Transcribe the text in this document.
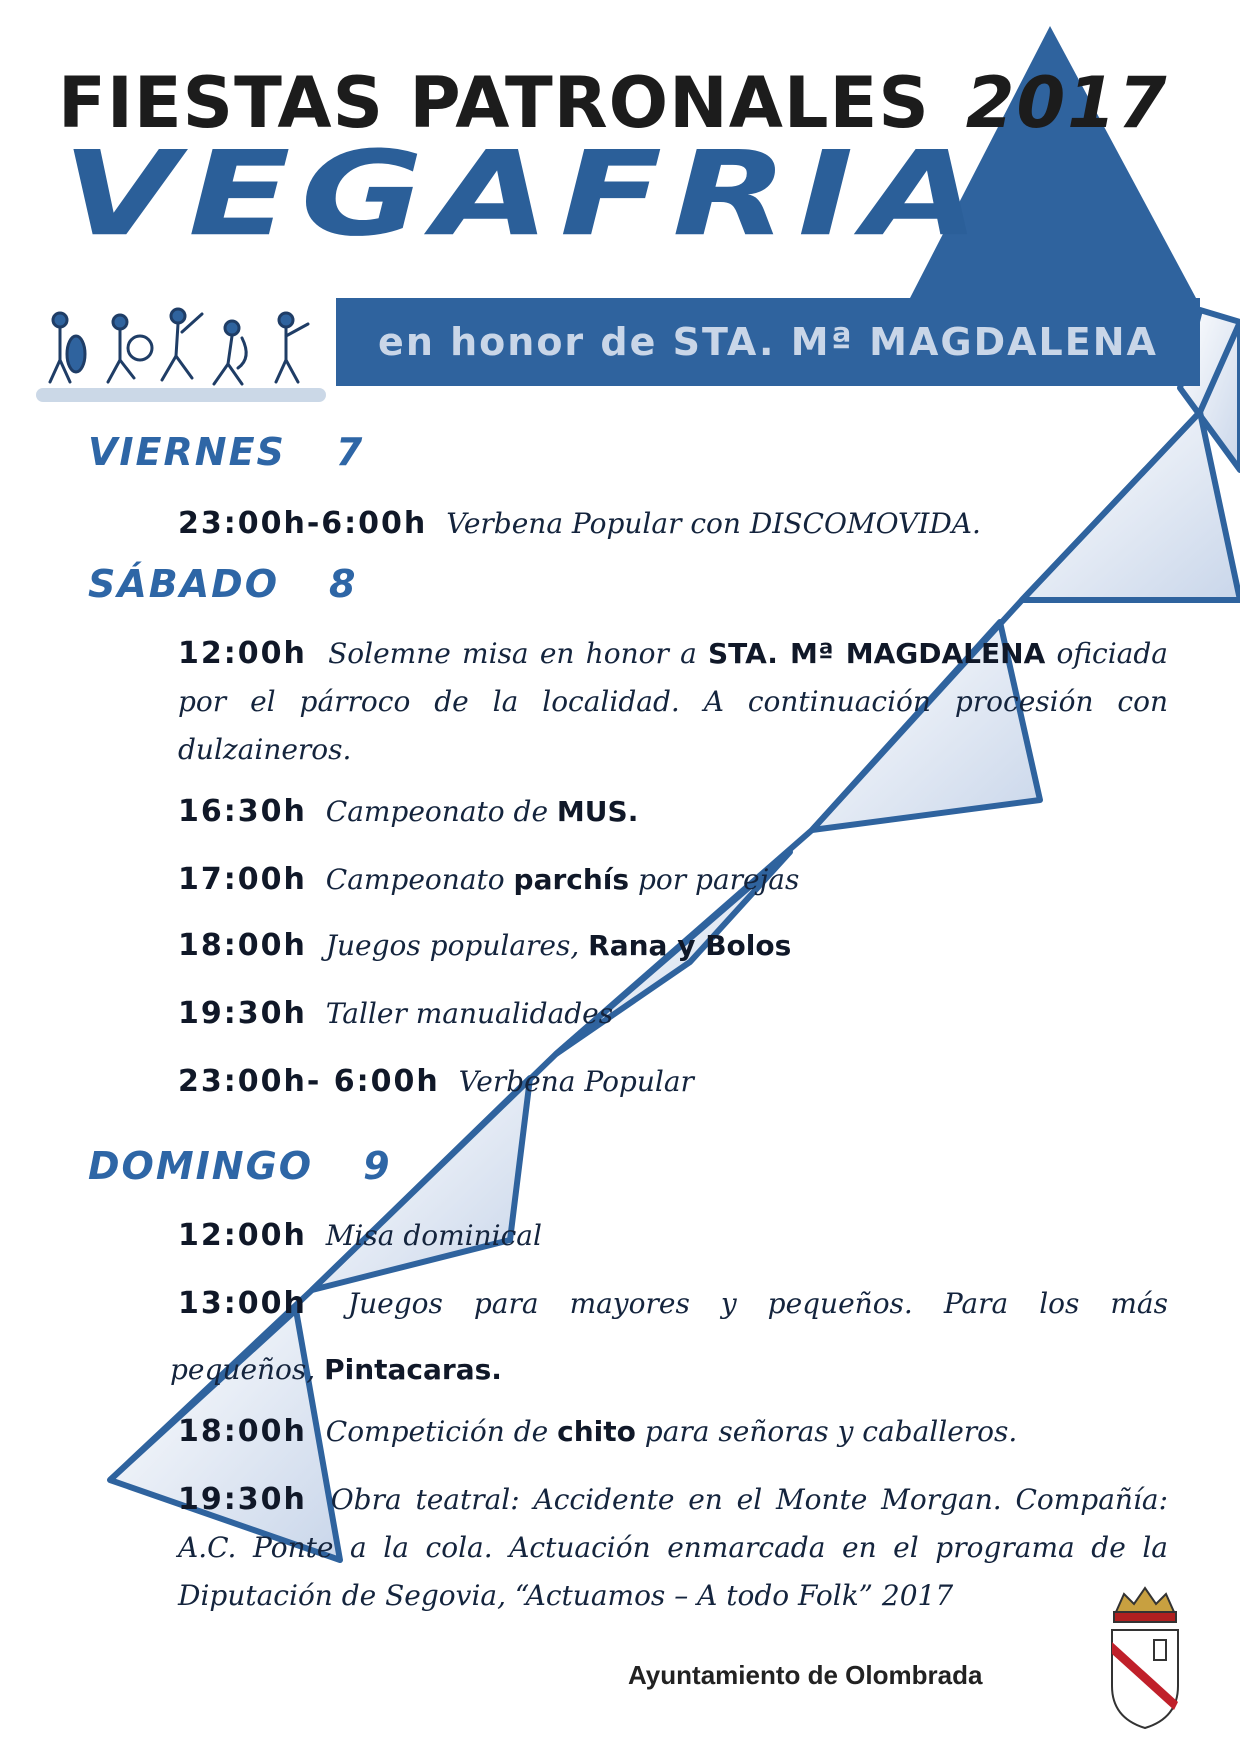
FIESTAS PATRONALES 2017
VEGAFRIA
en honor de STA. Mª MAGDALENA
VIERNES 7
23:00h-6:00h Verbena Popular con DISCOMOVIDA.
SÁBADO 8
12:00h Solemne misa en honor a STA. Mª MAGDALENA oficiada por el párroco de la localidad. A continuación procesión con dulzaineros.
16:30h Campeonato de MUS.
17:00h Campeonato parchís por parejas
18:00h Juegos populares, Rana y Bolos
19:30h Taller manualidades
23:00h- 6:00h Verbena Popular
DOMINGO 9
12:00h Misa dominical
13:00h Juegos para mayores y pequeños. Para los más
pequeños, Pintacaras.
18:00h Competición de chito para señoras y caballeros.
19:30h Obra teatral: Accidente en el Monte Morgan. Compañía: A.C. Ponte a la cola. Actuación enmarcada en el programa de la Diputación de Segovia, “Actuamos – A todo Folk” 2017
Ayuntamiento de Olombrada
